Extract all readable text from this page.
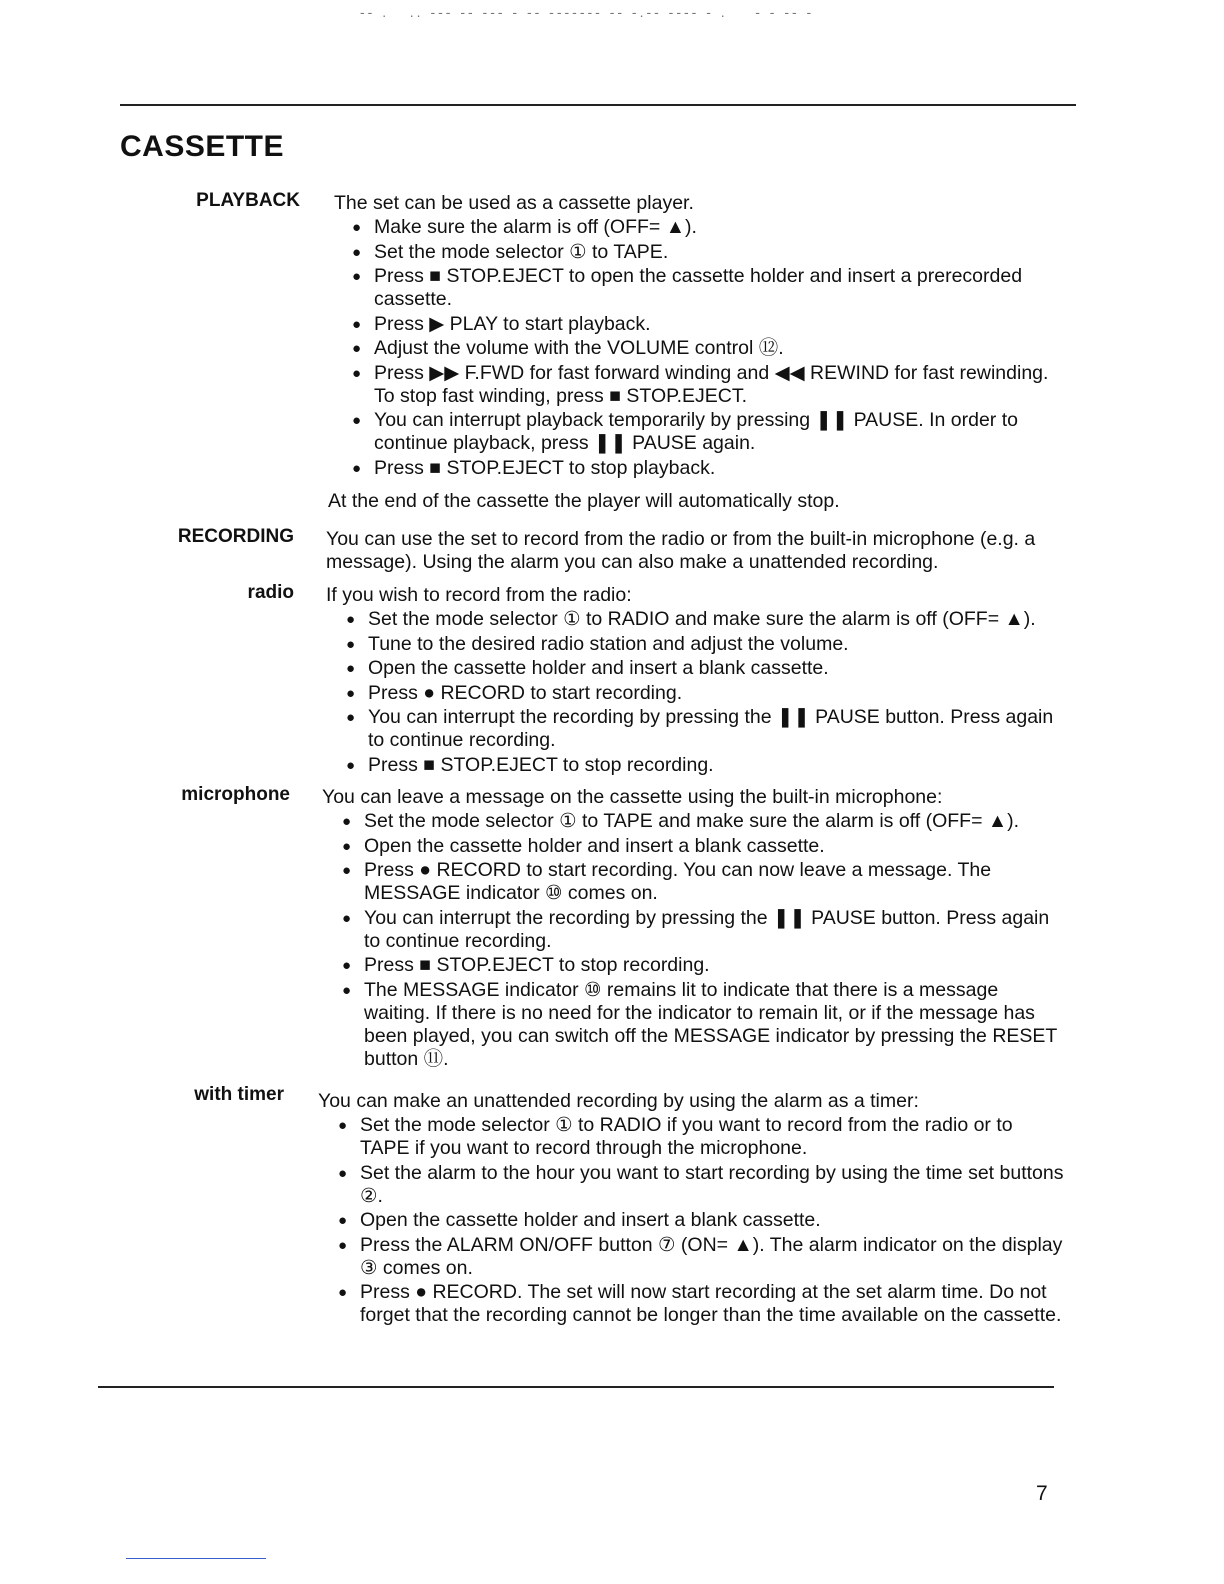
-- .   .. --- -- --- - -- ------- -- -.-- ---- - .    - - -- -
CASSETTE
PLAYBACK The set can be used as a cassette player.
● Make sure the alarm is off (OFF= ▲).
● Set the mode selector ① to TAPE.
● Press ■ STOP.EJECT to open the cassette holder and insert a prerecorded cassette.
● Press ▶ PLAY to start playback.
● Adjust the volume with the VOLUME control ⑫.
● Press ▶▶ F.FWD for fast forward winding and ◀◀ REWIND for fast rewinding. To stop fast winding, press ■ STOP.EJECT.
● You can interrupt playback temporarily by pressing ❚❚ PAUSE. In order to continue playback, press ❚❚ PAUSE again.
● Press ■ STOP.EJECT to stop playback.
At the end of the cassette the player will automatically stop.
RECORDING You can use the set to record from the radio or from the built-in microphone (e.g. a message). Using the alarm you can also make a unattended recording.
radio If you wish to record from the radio:
● Set the mode selector ① to RADIO and make sure the alarm is off (OFF= ▲).
● Tune to the desired radio station and adjust the volume.
● Open the cassette holder and insert a blank cassette.
● Press ● RECORD to start recording.
● You can interrupt the recording by pressing the ❚❚ PAUSE button. Press again to continue recording.
● Press ■ STOP.EJECT to stop recording.
microphone You can leave a message on the cassette using the built-in microphone:
● Set the mode selector ① to TAPE and make sure the alarm is off (OFF= ▲).
● Open the cassette holder and insert a blank cassette.
● Press ● RECORD to start recording. You can now leave a message. The MESSAGE indicator ⑩ comes on.
● You can interrupt the recording by pressing the ❚❚ PAUSE button. Press again to continue recording.
● Press ■ STOP.EJECT to stop recording.
● The MESSAGE indicator ⑩ remains lit to indicate that there is a message waiting. If there is no need for the indicator to remain lit, or if the message has been played, you can switch off the MESSAGE indicator by pressing the RESET button ⑪.
with timer You can make an unattended recording by using the alarm as a timer:
● Set the mode selector ① to RADIO if you want to record from the radio or to TAPE if you want to record through the microphone.
● Set the alarm to the hour you want to start recording by using the time set buttons ②.
● Open the cassette holder and insert a blank cassette.
● Press the ALARM ON/OFF button ⑦ (ON= ▲). The alarm indicator on the display ③ comes on.
● Press ● RECORD. The set will now start recording at the set alarm time. Do not forget that the recording cannot be longer than the time available on the cassette.
7
